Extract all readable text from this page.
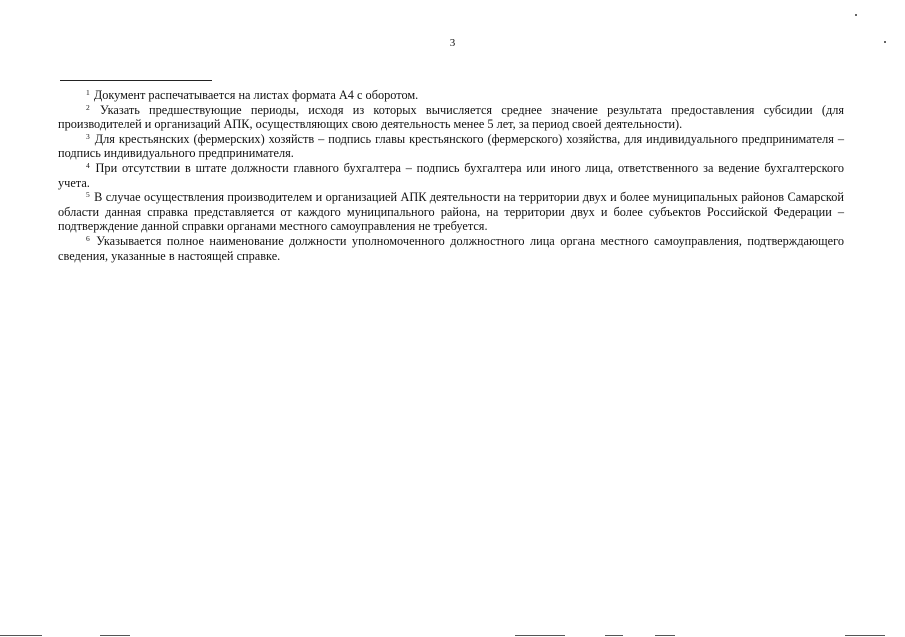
3

$^1$ Документ распечатывается на листах формата А4 с оборотом.

$^2$ Указать предшествующие периоды, исходя из которых вычисляется среднее значение результата предоставления субсидии (для производителей и организаций АПК, осуществляющих свою деятельность менее 5 лет, за период своей деятельности).

$^3$ Для крестьянских (фермерских) хозяйств – подпись главы крестьянского (фермерского) хозяйства, для индивидуального предпринимателя – подпись индивидуального предпринимателя.

$^4$ При отсутствии в штате должности главного бухгалтера – подпись бухгалтера или иного лица, ответственного за ведение бухгалтерского учета.

$^5$ В случае осуществления производителем и организацией АПК деятельности на территории двух и более муниципальных районов Самарской области данная справка представляется от каждого муниципального района, на территории двух и более субъектов Российской Федерации – подтверждение данной справки органами местного самоуправления не требуется.

$^6$ Указывается полное наименование должности уполномоченного должностного лица органа местного самоуправления, подтверждающего сведения, указанные в настоящей справке.
